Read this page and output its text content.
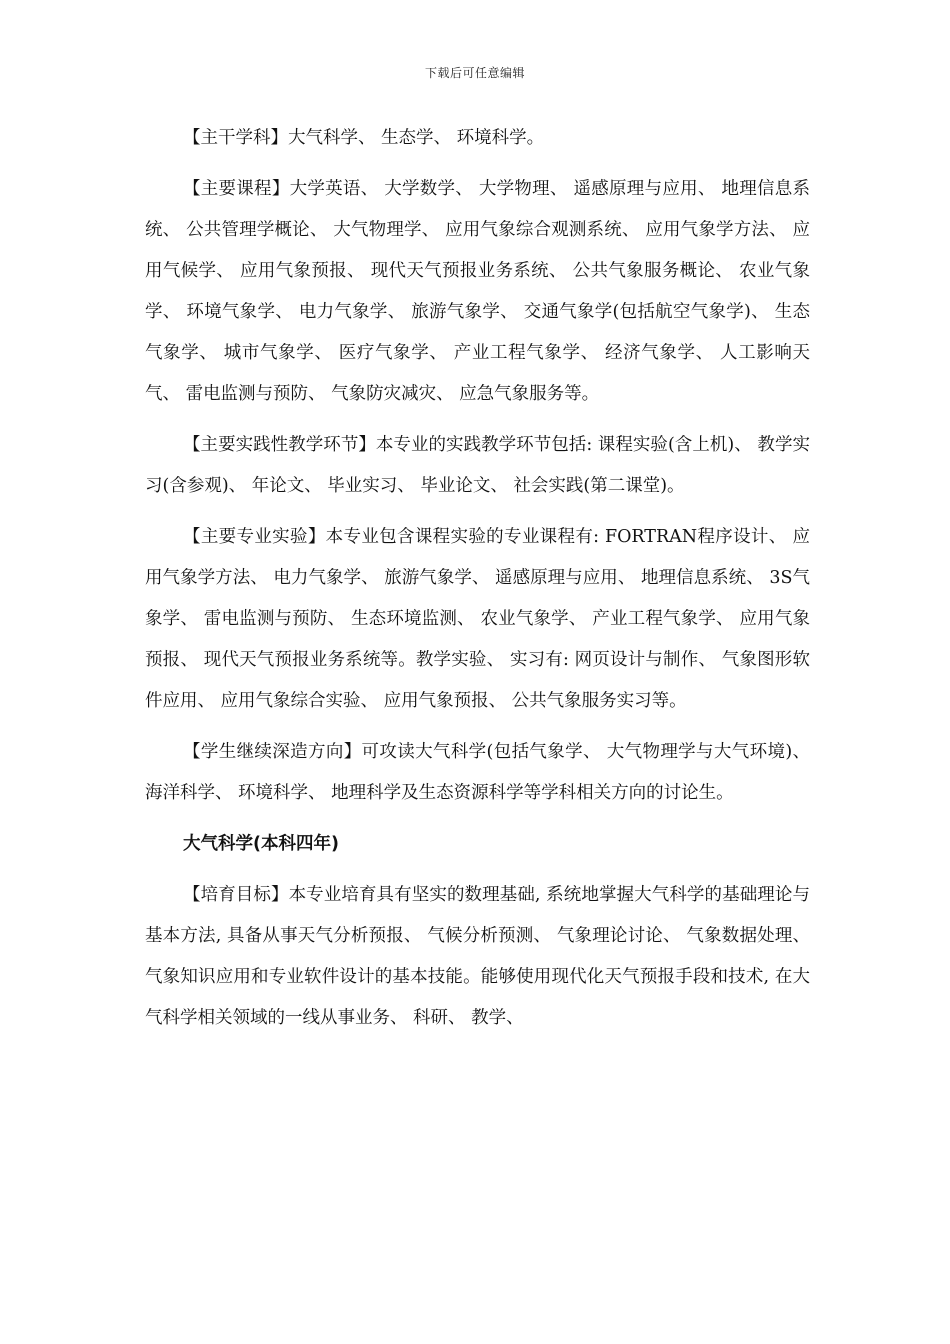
下载后可任意编辑

【主干学科】大气科学、 生态学、 环境科学。

【主要课程】大学英语、 大学数学、 大学物理、 遥感原理与应用、 地理信息系统、 公共管理学概论、 大气物理学、 应用气象综合观测系统、 应用气象学方法、 应用气候学、 应用气象预报、 现代天气预报业务系统、 公共气象服务概论、 农业气象学、 环境气象学、 电力气象学、 旅游气象学、 交通气象学(包括航空气象学)、 生态气象学、 城市气象学、 医疗气象学、 产业工程气象学、 经济气象学、 人工影响天气、 雷电监测与预防、 气象防灾减灾、 应急气象服务等。

【主要实践性教学环节】本专业的实践教学环节包括: 课程实验(含上机)、 教学实习(含参观)、 年论文、 毕业实习、 毕业论文、 社会实践(第二课堂)。

【主要专业实验】本专业包含课程实验的专业课程有: FORTRAN程序设计、 应用气象学方法、 电力气象学、 旅游气象学、 遥感原理与应用、 地理信息系统、 3S气象学、 雷电监测与预防、 生态环境监测、 农业气象学、 产业工程气象学、 应用气象预报、 现代天气预报业务系统等。教学实验、 实习有: 网页设计与制作、 气象图形软件应用、 应用气象综合实验、 应用气象预报、 公共气象服务实习等。

【学生继续深造方向】可攻读大气科学(包括气象学、 大气物理学与大气环境)、 海洋科学、 环境科学、 地理科学及生态资源科学等学科相关方向的讨论生。

大气科学(本科四年)

【培育目标】本专业培育具有坚实的数理基础, 系统地掌握大气科学的基础理论与基本方法, 具备从事天气分析预报、 气候分析预测、 气象理论讨论、 气象数据处理、 气象知识应用和专业软件设计的基本技能。能够使用现代化天气预报手段和技术, 在大气科学相关领域的一线从事业务、 科研、 教学、
